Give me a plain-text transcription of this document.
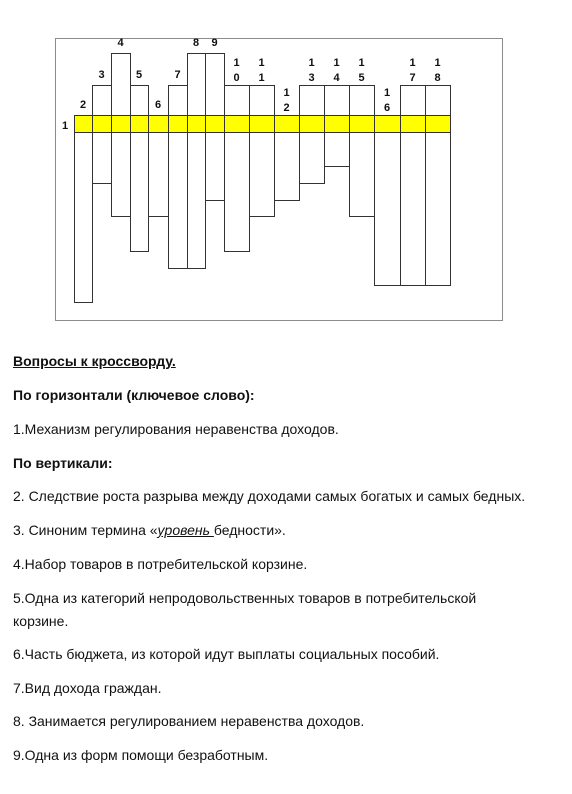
1
2
3
4
5
6
7
8	9
1
0
1
1
1
2
1
3
1
4
1
5
1
6
1
7
1
8
Вопросы к кроссворду.
По горизонтали (ключевое слово):
1.Механизм регулирования неравенства доходов.
По вертикали:
2. Следствие роста разрыва между доходами самых богатых и самых бедных.
3. Синоним термина «уровень бедности».
4.Набор товаров в потребительской корзине.
5.Одна из категорий непродовольственных товаров в потребительской
корзине.
6.Часть бюджета, из которой идут выплаты социальных пособий.
7.Вид дохода граждан.
8. Занимается регулированием неравенства доходов.
9.Одна из форм помощи безработным.
